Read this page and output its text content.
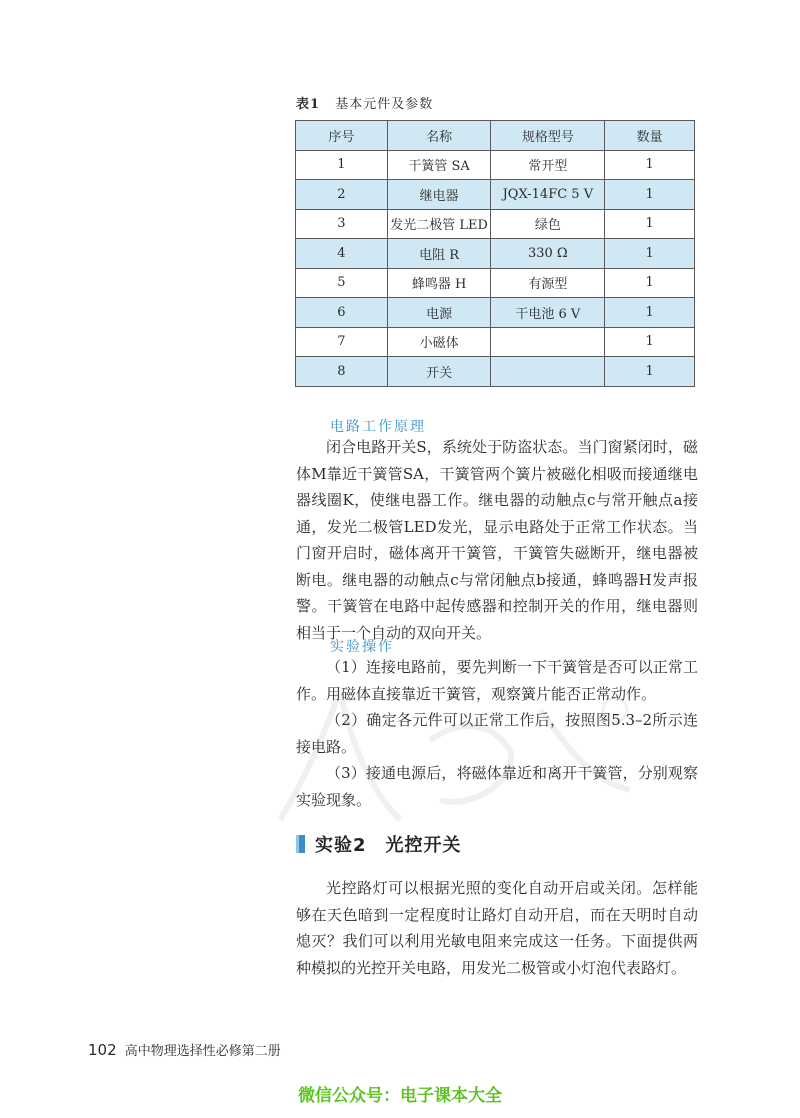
表1 基本元件及参数
序号	名称	规格型号	数量
1	干簧管 SA	常开型	1
2	继电器	JQX-14FC 5 V	1
3	发光二极管 LED	绿色	1
4	电阻 R	330 Ω	1
5	蜂鸣器 H	有源型	1
6	电源	干电池 6 V	1
7	小磁体		1
8	开关		1
电路工作原理

闭合电路开关S，系统处于防盗状态。当门窗紧闭时，磁体M靠近干簧管SA，干簧管两个簧片被磁化相吸而接通继电器线圈K，使继电器工作。继电器的动触点c与常开触点a接通，发光二极管LED发光，显示电路处于正常工作状态。当门窗开启时，磁体离开干簧管，干簧管失磁断开，继电器被断电。继电器的动触点c与常闭触点b接通，蜂鸣器H发声报警。干簧管在电路中起传感器和控制开关的作用，继电器则相当于一个自动的双向开关。

实验操作

（1）连接电路前，要先判断一下干簧管是否可以正常工作。用磁体直接靠近干簧管，观察簧片能否正常动作。

（2）确定各元件可以正常工作后，按照图5.3–2所示连接电路。

（3）接通电源后，将磁体靠近和离开干簧管，分别观察实验现象。

实验2　光控开关

光控路灯可以根据光照的变化自动开启或关闭。怎样能够在天色暗到一定程度时让路灯自动开启，而在天明时自动熄灭？我们可以利用光敏电阻来完成这一任务。下面提供两种模拟的光控开关电路，用发光二极管或小灯泡代表路灯。

102 高中物理选择性必修第二册
微信公众号：电子课本大全
